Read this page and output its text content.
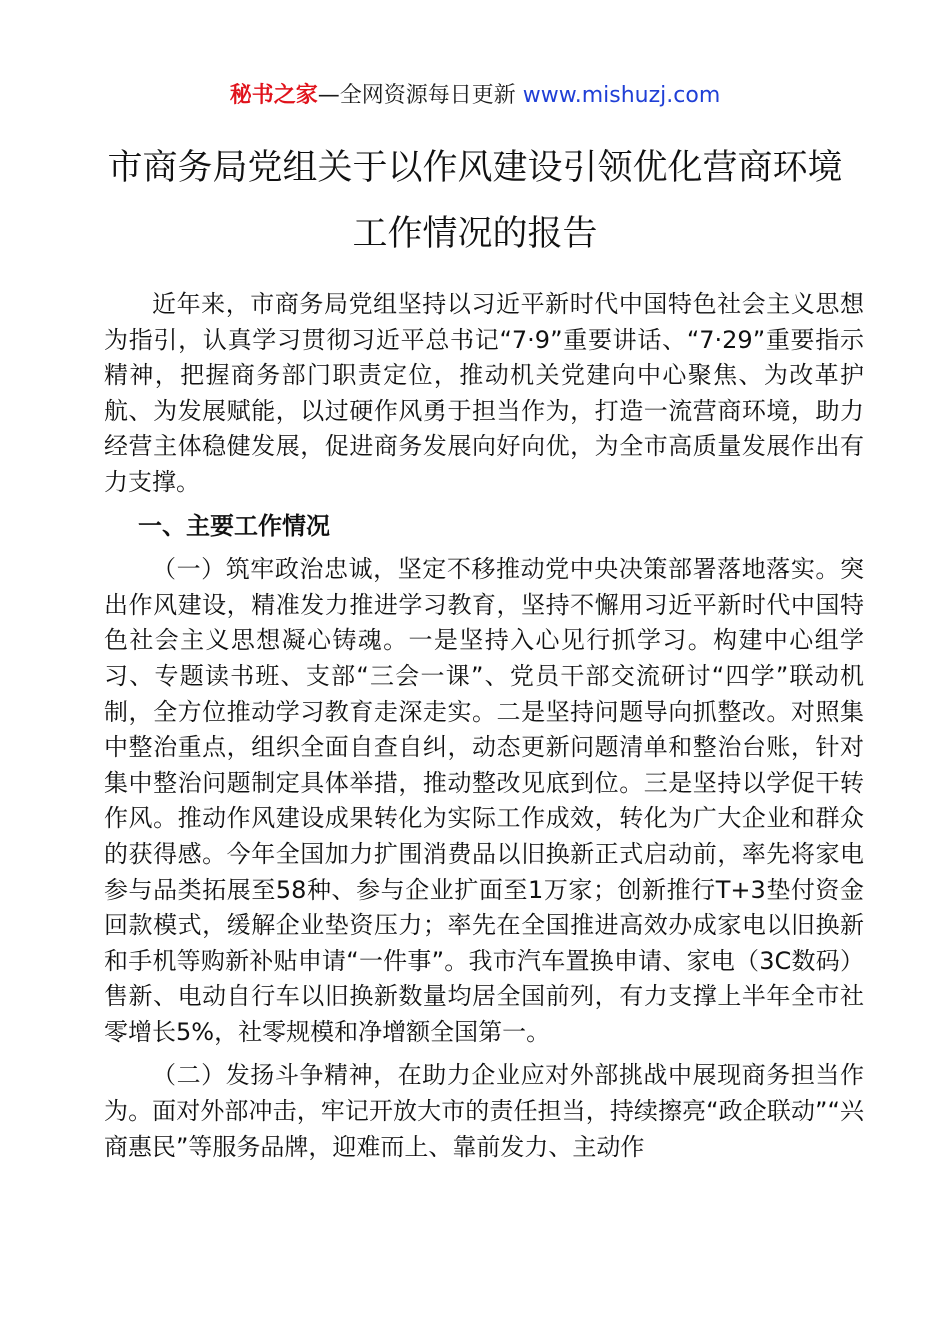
秘书之家—全网资源每日更新 www.mishuzj.com
市商务局党组关于以作风建设引领优化营商环境
工作情况的报告

近年来，市商务局党组坚持以习近平新时代中国特色社会主义思想为指引，认真学习贯彻习近平总书记“7·9”重要讲话、“7·29”重要指示精神，把握商务部门职责定位，推动机关党建向中心聚焦、为改革护航、为发展赋能，以过硬作风勇于担当作为，打造一流营商环境，助力经营主体稳健发展，促进商务发展向好向优，为全市高质量发展作出有力支撑。

一、主要工作情况

（一）筑牢政治忠诚，坚定不移推动党中央决策部署落地落实。突出作风建设，精准发力推进学习教育，坚持不懈用习近平新时代中国特色社会主义思想凝心铸魂。一是坚持入心见行抓学习。构建中心组学习、专题读书班、支部“三会一课”、党员干部交流研讨“四学”联动机制，全方位推动学习教育走深走实。二是坚持问题导向抓整改。对照集中整治重点，组织全面自查自纠，动态更新问题清单和整治台账，针对集中整治问题制定具体举措，推动整改见底到位。三是坚持以学促干转作风。推动作风建设成果转化为实际工作成效，转化为广大企业和群众的获得感。今年全国加力扩围消费品以旧换新正式启动前，率先将家电参与品类拓展至58种、参与企业扩面至1万家；创新推行T+3垫付资金回款模式，缓解企业垫资压力；率先在全国推进高效办成家电以旧换新和手机等购新补贴申请“一件事”。我市汽车置换申请、家电（3C数码）售新、电动自行车以旧换新数量均居全国前列，有力支撑上半年全市社零增长5%，社零规模和净增额全国第一。

（二）发扬斗争精神，在助力企业应对外部挑战中展现商务担当作为。面对外部冲击，牢记开放大市的责任担当，持续擦亮“政企联动”“兴商惠民”等服务品牌，迎难而上、靠前发力、主动作
